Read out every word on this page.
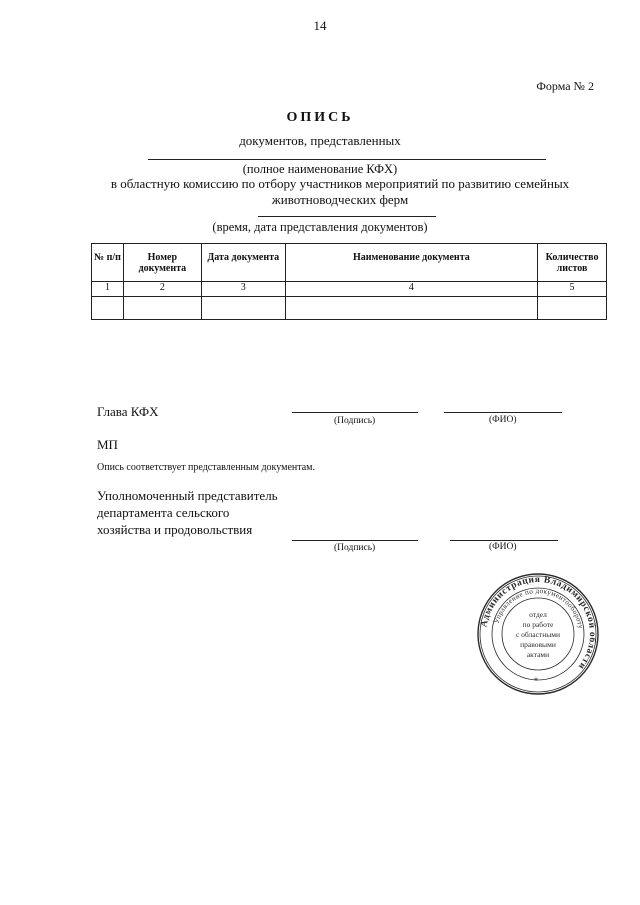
14
Форма № 2
ОПИСЬ
документов, представленных
(полное наименование КФХ)
в областную комиссию по отбору участников мероприятий по развитию семейных
животноводческих ферм
(время, дата представления документов)
№ п/п	Номер документа	Дата документа	Наименование документа	Количество листов
1	2	3	4	5

Глава КФХ
(Подпись)	(ФИО)
МП
Опись соответствует представленным документам.
Уполномоченный представитель
департамента сельского
хозяйства и продовольствия
(Подпись)	(ФИО)
Администрация Владимирской области
Управление по документообороту
отдел
по работе
с областными
правовыми
актами
*
